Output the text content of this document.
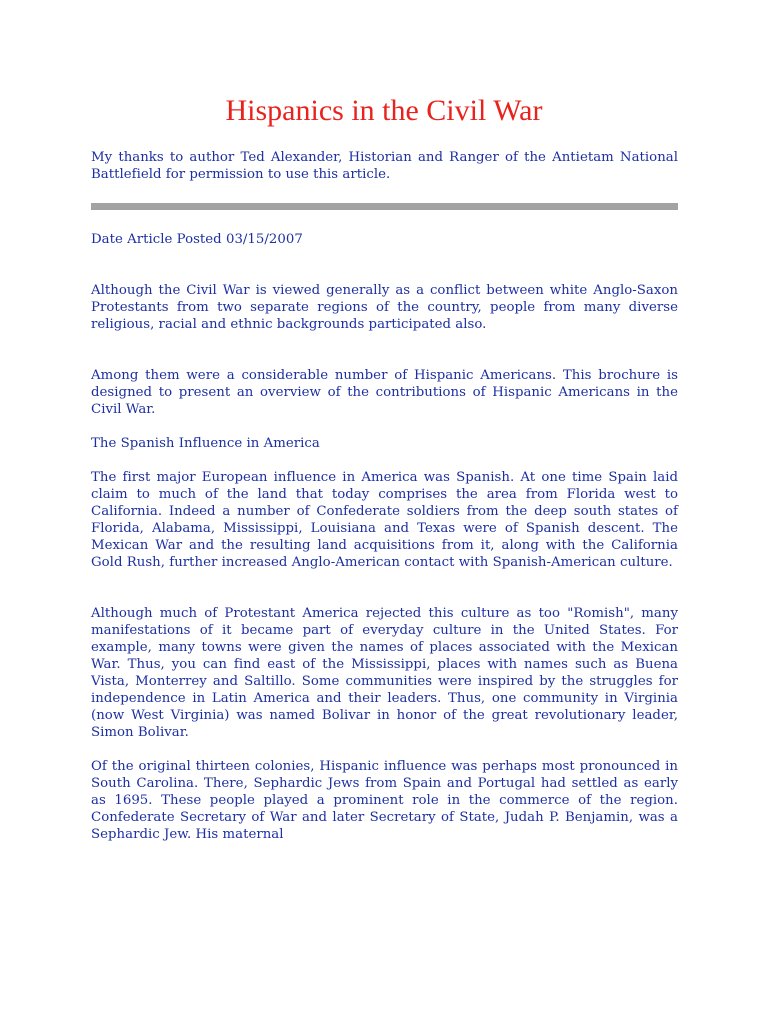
Hispanics in the Civil War

My thanks to author Ted Alexander, Historian and Ranger of the Antietam National Battlefield for permission to use this article.

Date Article Posted 03/15/2007

Although the Civil War is viewed generally as a conflict between white Anglo-Saxon Protestants from two separate regions of the country, people from many diverse religious, racial and ethnic backgrounds participated also.

Among them were a considerable number of Hispanic Americans. This brochure is designed to present an overview of the contributions of Hispanic Americans in the Civil War.

The Spanish Influence in America

The first major European influence in America was Spanish. At one time Spain laid claim to much of the land that today comprises the area from Florida west to California. Indeed a number of Confederate soldiers from the deep south states of Florida, Alabama, Mississippi, Louisiana and Texas were of Spanish descent. The Mexican War and the resulting land acquisitions from it, along with the California Gold Rush, further increased Anglo-American contact with Spanish-American culture.

Although much of Protestant America rejected this culture as too "Romish", many manifestations of it became part of everyday culture in the United States. For example, many towns were given the names of places associated with the Mexican War. Thus, you can find east of the Mississippi, places with names such as Buena Vista, Monterrey and Saltillo. Some communities were inspired by the struggles for independence in Latin America and their leaders. Thus, one community in Virginia (now West Virginia) was named Bolivar in honor of the great revolutionary leader, Simon Bolivar.

Of the original thirteen colonies, Hispanic influence was perhaps most pronounced in South Carolina. There, Sephardic Jews from Spain and Portugal had settled as early as 1695. These people played a prominent role in the commerce of the region. Confederate Secretary of War and later Secretary of State, Judah P. Benjamin, was a Sephardic Jew. His maternal
